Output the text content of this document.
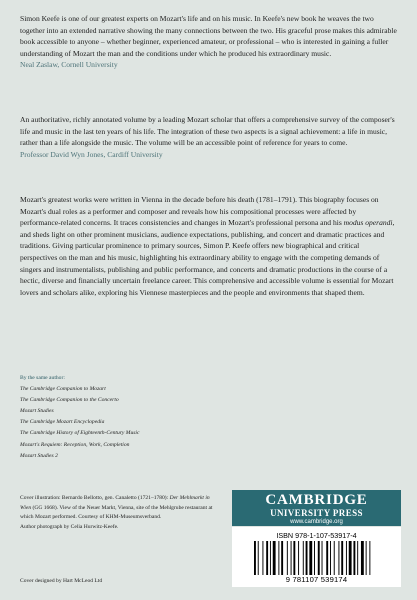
Simon Keefe is one of our greatest experts on Mozart's life and on his music. In Keefe's new book he weaves the two together into an extended narrative showing the many connections between the two. His graceful prose makes this admirable book accessible to anyone – whether beginner, experienced amateur, or professional – who is interested in gaining a fuller understanding of Mozart the man and the conditions under which he produced his extraordinary music.
Neal Zaslaw, Cornell University
An authoritative, richly annotated volume by a leading Mozart scholar that offers a comprehensive survey of the composer's life and music in the last ten years of his life. The integration of these two aspects is a signal achievement: a life in music, rather than a life alongside the music. The volume will be an accessible point of reference for years to come.
Professor David Wyn Jones, Cardiff University
Mozart's greatest works were written in Vienna in the decade before his death (1781–1791). This biography focuses on Mozart's dual roles as a performer and composer and reveals how his compositional processes were affected by performance-related concerns. It traces consistencies and changes in Mozart's professional persona and his modus operandi, and sheds light on other prominent musicians, audience expectations, publishing, and concert and dramatic practices and traditions. Giving particular prominence to primary sources, Simon P. Keefe offers new biographical and critical perspectives on the man and his music, highlighting his extraordinary ability to engage with the competing demands of singers and instrumentalists, publishing and public performance, and concerts and dramatic productions in the course of a hectic, diverse and financially uncertain freelance career. This comprehensive and accessible volume is essential for Mozart lovers and scholars alike, exploring his Viennese masterpieces and the people and environments that shaped them.
By the same author:
The Cambridge Companion to Mozart
The Cambridge Companion to the Concerto
Mozart Studies
The Cambridge Mozart Encyclopedia
The Cambridge History of Eighteenth-Century Music
Mozart's Requiem: Reception, Work, Completion
Mozart Studies 2
Cover illustration: Bernardo Bellotto, gen. Canaletto (1721–1780): Der Mehlmarkt in Wien (GG 1668). View of the Neuer Markt, Vienna, site of the Mehlgrube restaurant at which Mozart performed. Courtesy of KHM-Museumsverband.
Author photograph by Celia Hurwitz-Keefe.
Cover designed by Hart McLeod Ltd
CAMBRIDGE
UNIVERSITY PRESS
www.cambridge.org
ISBN 978-1-107-53917-4
9 781107 539174
